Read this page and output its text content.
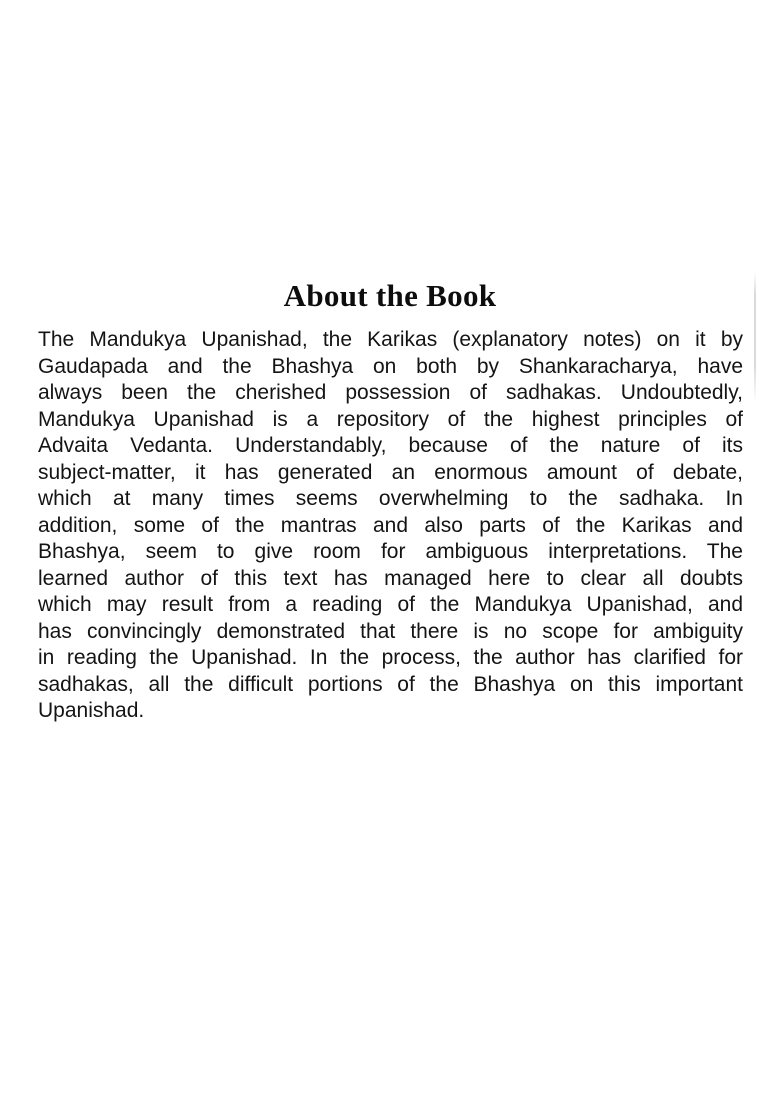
About the Book
The Mandukya Upanishad, the Karikas (explanatory notes) on it by
Gaudapada and the Bhashya on both by Shankaracharya, have
always been the cherished possession of sadhakas. Undoubtedly,
Mandukya Upanishad is a repository of the highest principles of
Advaita Vedanta. Understandably, because of the nature of its
subject-matter, it has generated an enormous amount of debate,
which at many times seems overwhelming to the sadhaka. In
addition, some of the mantras and also parts of the Karikas and
Bhashya, seem to give room for ambiguous interpretations. The
learned author of this text has managed here to clear all doubts
which may result from a reading of the Mandukya Upanishad, and
has convincingly demonstrated that there is no scope for ambiguity
in reading the Upanishad. In the process, the author has clarified for
sadhakas, all the difficult portions of the Bhashya on this important
Upanishad.
